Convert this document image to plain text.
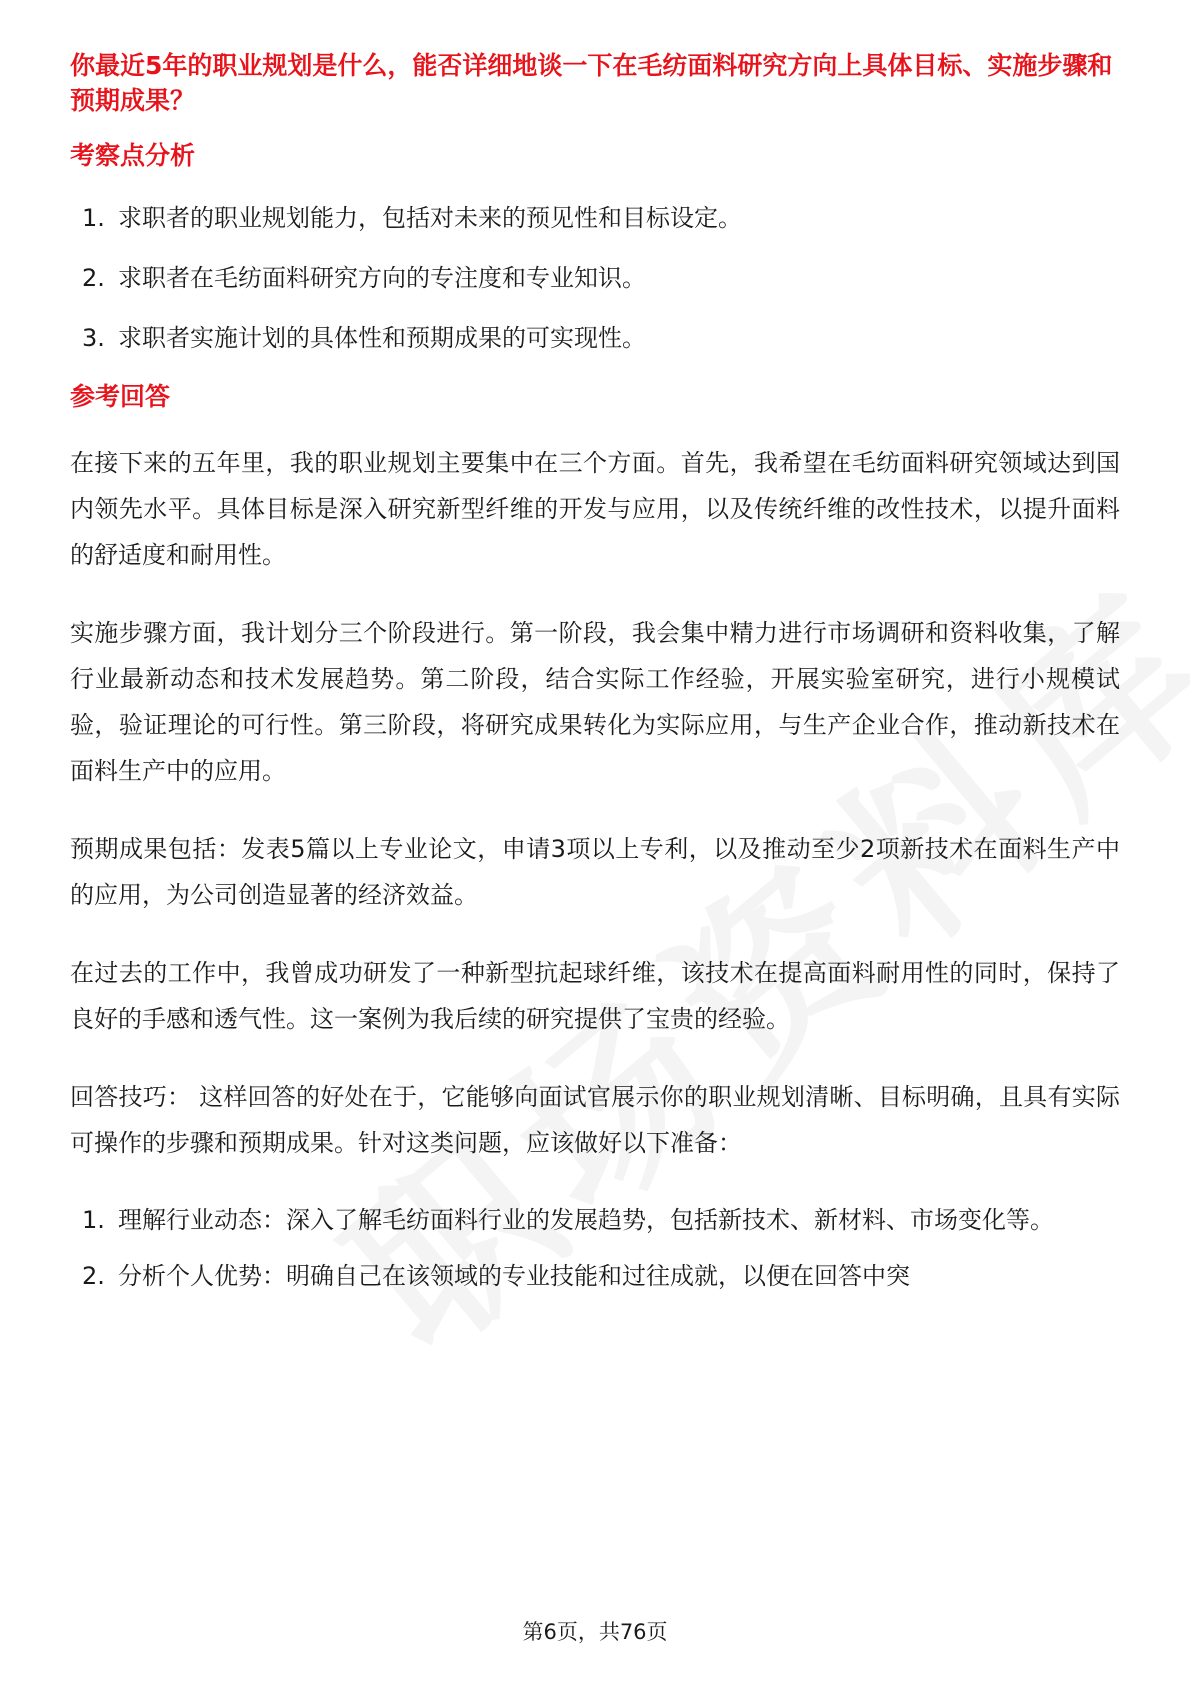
你最近5年的职业规划是什么，能否详细地谈一下在毛纺面料研究方向上具体目标、实施步骤和预期成果？
考察点分析
1. 求职者的职业规划能力，包括对未来的预见性和目标设定。
2. 求职者在毛纺面料研究方向的专注度和专业知识。
3. 求职者实施计划的具体性和预期成果的可实现性。
参考回答

在接下来的五年里，我的职业规划主要集中在三个方面。首先，我希望在毛纺面料研究领域达到国内领先水平。具体目标是深入研究新型纤维的开发与应用，以及传统纤维的改性技术，以提升面料的舒适度和耐用性。

实施步骤方面，我计划分三个阶段进行。第一阶段，我会集中精力进行市场调研和资料收集，了解行业最新动态和技术发展趋势。第二阶段，结合实际工作经验，开展实验室研究，进行小规模试验，验证理论的可行性。第三阶段，将研究成果转化为实际应用，与生产企业合作，推动新技术在面料生产中的应用。

预期成果包括：发表5篇以上专业论文，申请3项以上专利，以及推动至少2项新技术在面料生产中的应用，为公司创造显著的经济效益。

在过去的工作中，我曾成功研发了一种新型抗起球纤维，该技术在提高面料耐用性的同时，保持了良好的手感和透气性。这一案例为我后续的研究提供了宝贵的经验。

回答技巧： 这样回答的好处在于，它能够向面试官展示你的职业规划清晰、目标明确，且具有实际可操作的步骤和预期成果。针对这类问题，应该做好以下准备：

1. 理解行业动态：深入了解毛纺面料行业的发展趋势，包括新技术、新材料、市场变化等。
2. 分析个人优势：明确自己在该领域的专业技能和过往成就，以便在回答中突
第6页，共76页
